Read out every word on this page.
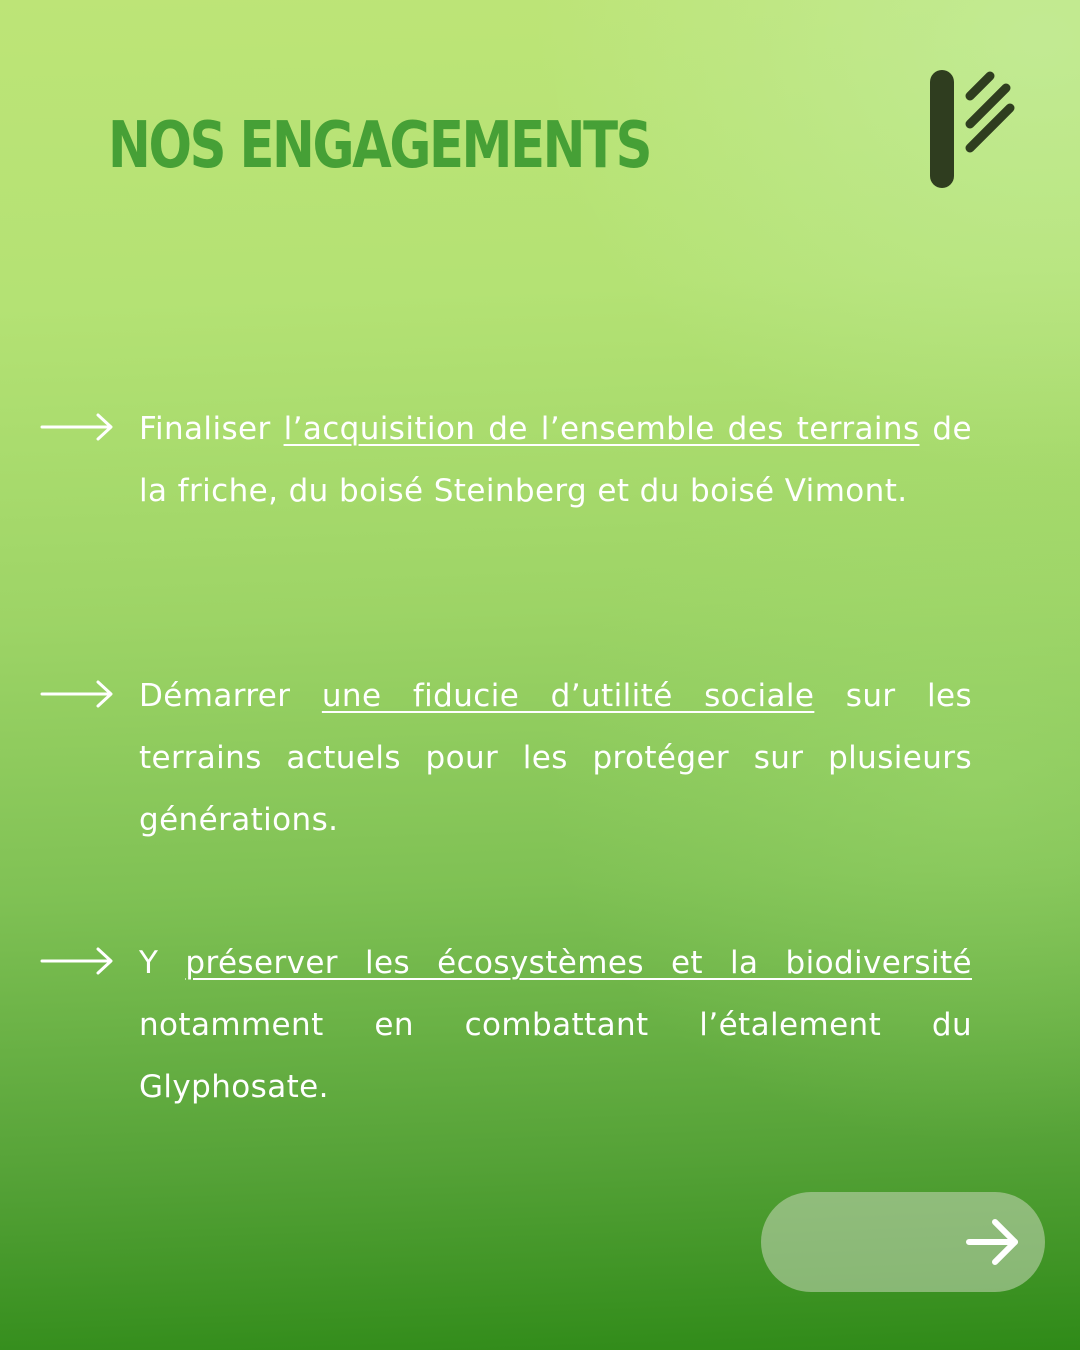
NOS ENGAGEMENTS

Finaliser l’acquisition de l’ensemble des terrains de la friche, du boisé Steinberg et du boisé Vimont.

Démarrer une fiducie d’utilité sociale sur les terrains actuels pour les protéger sur plusieurs générations.

Y préserver les écosystèmes et la biodiversité notamment en combattant l’étalement du Glyphosate.
